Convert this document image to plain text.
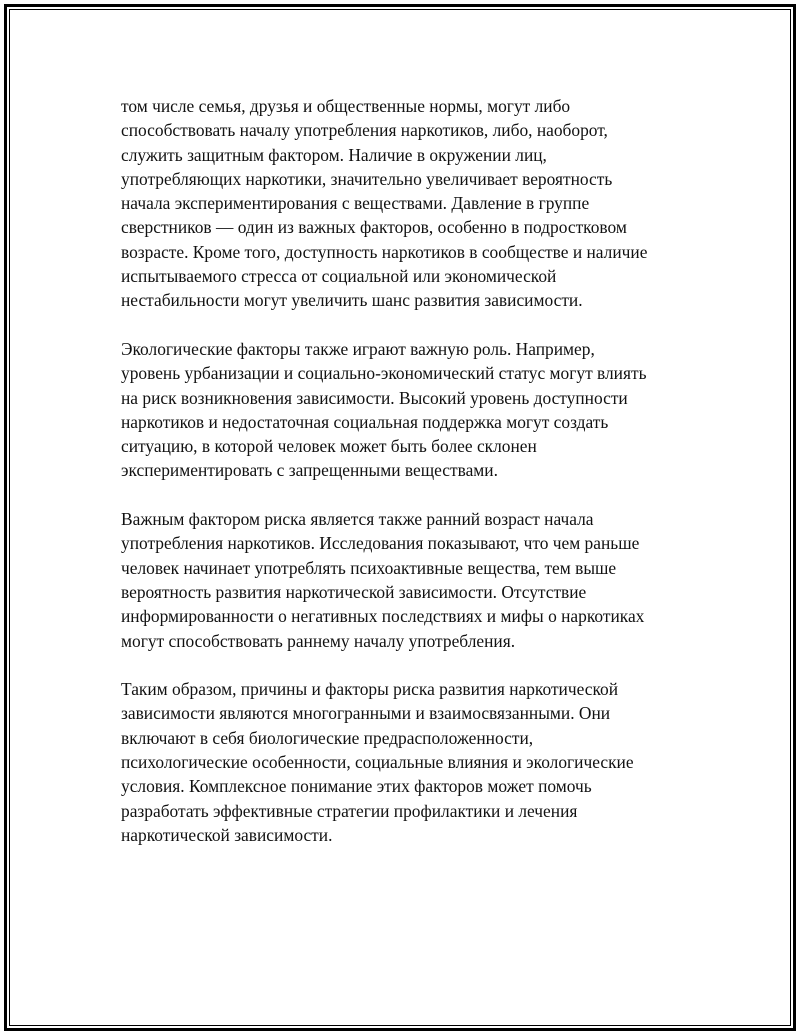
том числе семья, друзья и общественные нормы, могут либо
способствовать началу употребления наркотиков, либо, наоборот,
служить защитным фактором. Наличие в окружении лиц,
употребляющих наркотики, значительно увеличивает вероятность
начала экспериментирования с веществами. Давление в группе
сверстников — один из важных факторов, особенно в подростковом
возрасте. Кроме того, доступность наркотиков в сообществе и наличие
испытываемого стресса от социальной или экономической
нестабильности могут увеличить шанс развития зависимости.

Экологические факторы также играют важную роль. Например,
уровень урбанизации и социально-экономический статус могут влиять
на риск возникновения зависимости. Высокий уровень доступности
наркотиков и недостаточная социальная поддержка могут создать
ситуацию, в которой человек может быть более склонен
экспериментировать с запрещенными веществами.

Важным фактором риска является также ранний возраст начала
употребления наркотиков. Исследования показывают, что чем раньше
человек начинает употреблять психоактивные вещества, тем выше
вероятность развития наркотической зависимости. Отсутствие
информированности о негативных последствиях и мифы о наркотиках
могут способствовать раннему началу употребления.

Таким образом, причины и факторы риска развития наркотической
зависимости являются многогранными и взаимосвязанными. Они
включают в себя биологические предрасположенности,
психологические особенности, социальные влияния и экологические
условия. Комплексное понимание этих факторов может помочь
разработать эффективные стратегии профилактики и лечения
наркотической зависимости.
